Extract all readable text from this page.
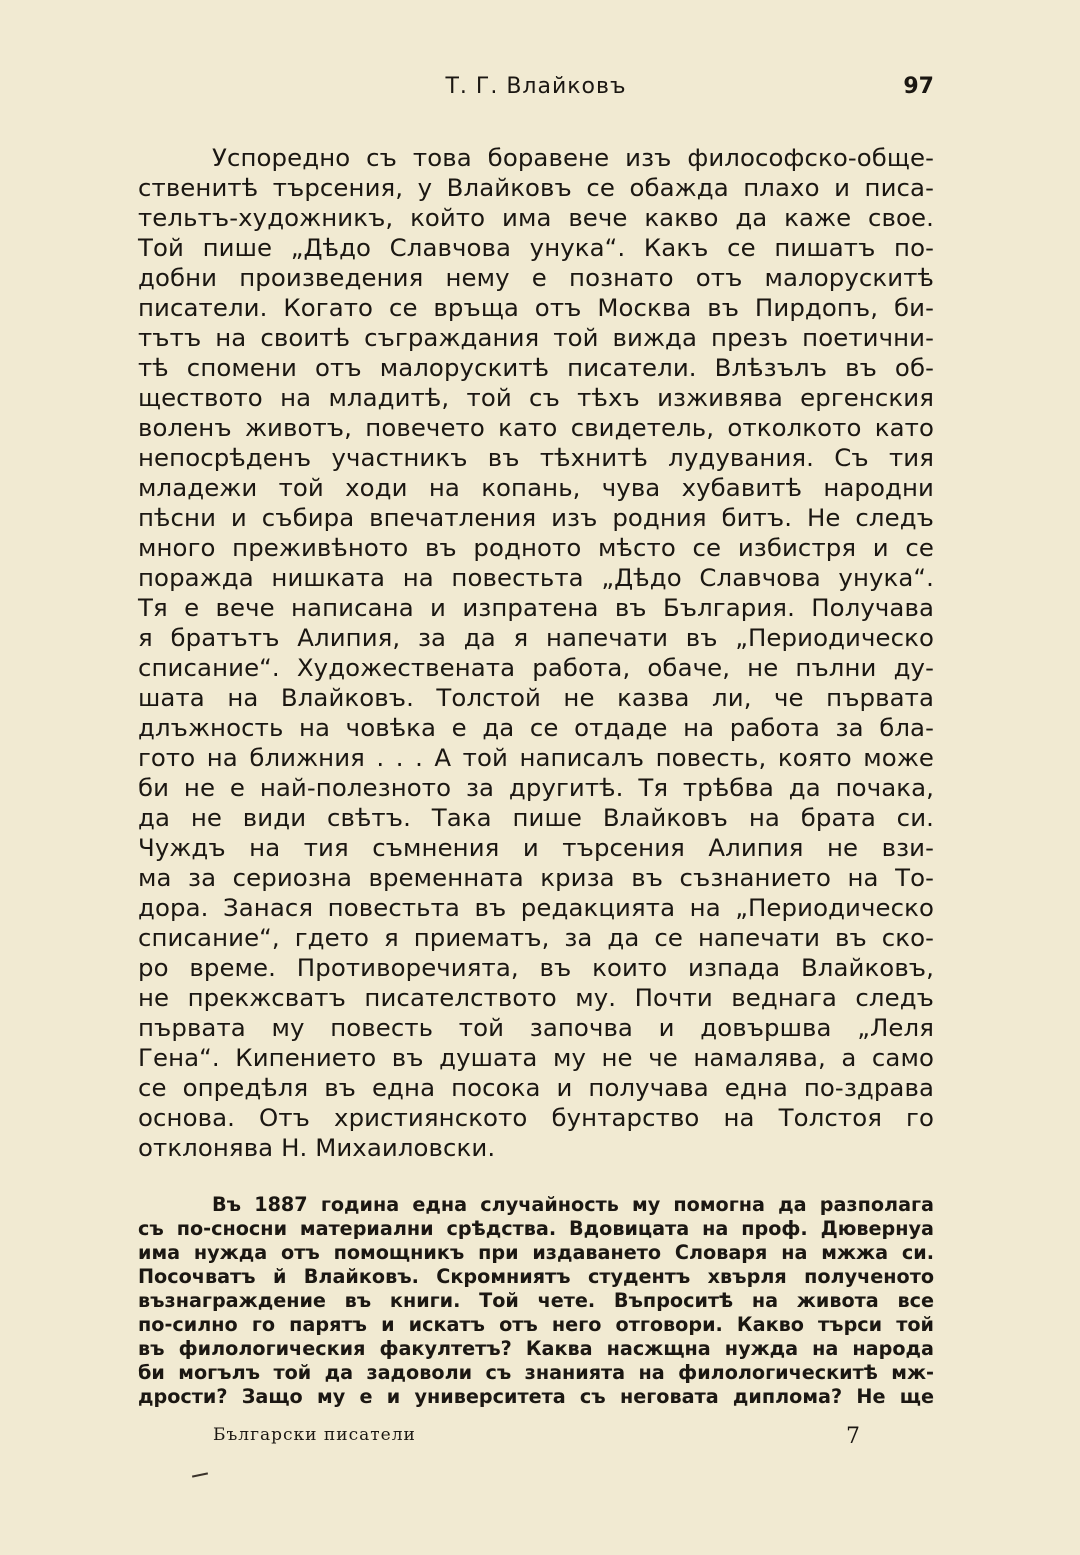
Т. Г. Влайковъ	97
Успоредно съ това боравене изъ философско-обще-
ственитѣ търсения, у Влайковъ се обажда плахо и писа-
тельтъ-художникъ, който има вече какво да каже свое.
Той пише „Дѣдо Славчова унука“. Какъ се пишатъ по-
добни произведения нему е познато отъ малорускитѣ
писатели. Когато се връща отъ Москва въ Пирдопъ, би-
тътъ на своитѣ съграждания той вижда презъ поетични-
тѣ спомени отъ малорускитѣ писатели. Влѣзълъ въ об-
ществото на младитѣ, той съ тѣхъ изживява ергенския
воленъ животъ, повечето като свидетель, отколкото като
непосрѣденъ участникъ въ тѣхнитѣ лудувания. Съ тия
младежи той ходи на копань, чува хубавитѣ народни
пѣсни и събира впечатления изъ родния битъ. Не следъ
много преживѣното въ родното мѣсто се избистря и се
поражда нишката на повестьта „Дѣдо Славчова унука“.
Тя е вече написана и изпратена въ България. Получава
я братътъ Алипия, за да я напечати въ „Периодическо
списание“. Художествената работа, обаче, не пълни ду-
шата на Влайковъ. Толстой не казва ли, че първата
длъжность на човѣка е да се отдаде на работа за бла-
гото на ближния . . . А той написалъ повесть, която може
би не е най-полезното за другитѣ. Тя трѣбва да почака,
да не види свѣтъ. Така пише Влайковъ на брата си.
Чуждъ на тия съмнения и търсения Алипия не взи-
ма за сериозна временната криза въ съзнанието на То-
дора. Занася повестьта въ редакцията на „Периодическо
списание“, гдето я приематъ, за да се напечати въ ско-
ро време. Противоречията, въ които изпада Влайковъ,
не прекжсватъ писателството му. Почти веднага следъ
първата му повесть той започва и довършва „Леля
Гена“. Кипението въ душата му не че намалява, а само
се опредѣля въ една посока и получава една по-здрава
основа. Отъ християнското бунтарство на Толстоя го
отклонява Н. Михаиловски.
Въ 1887 година една случайность му помогна да разполага
съ по-сносни материални срѣдства. Вдовицата на проф. Дювернуа
има нужда отъ помощникъ при издаването Словаря на мжжа си.
Посочватъ й Влайковъ. Скромниятъ студентъ хвърля полученото
възнаграждение въ книги. Той чете. Въпроситѣ на живота все
по-силно го парятъ и искатъ отъ него отговори. Какво търси той
въ филологическия факултетъ? Каква насжщна нужда на народа
би могълъ той да задоволи съ знанията на филологическитѣ мж-
дрости? Защо му е и университета съ неговата диплома? Не ще
Български писатели	7
